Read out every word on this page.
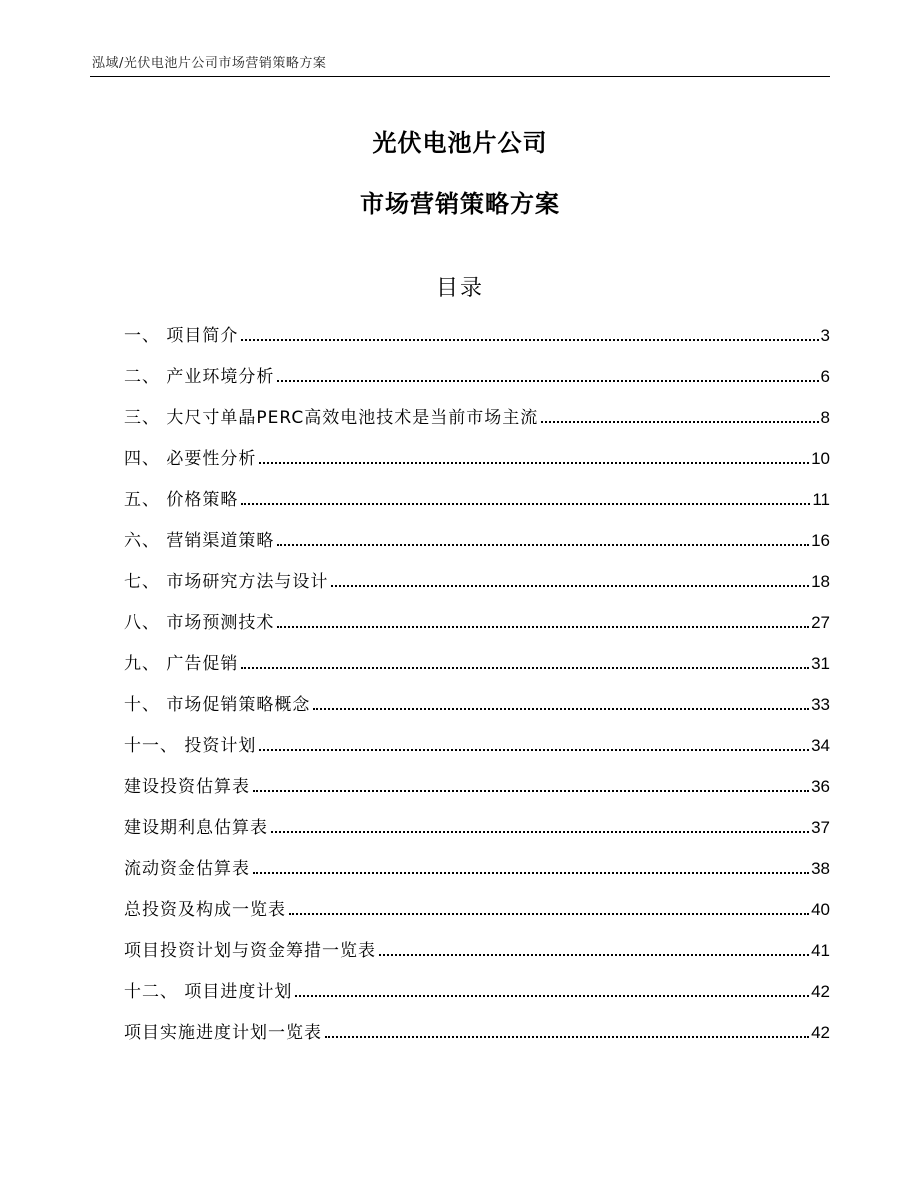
泓域/光伏电池片公司市场营销策略方案
光伏电池片公司
市场营销策略方案
目录
一、 项目简介	3
二、 产业环境分析	6
三、 大尺寸单晶PERC高效电池技术是当前市场主流	8
四、 必要性分析	10
五、 价格策略	11
六、 营销渠道策略	16
七、 市场研究方法与设计	18
八、 市场预测技术	27
九、 广告促销	31
十、 市场促销策略概念	33
十一、 投资计划	34
建设投资估算表	36
建设期利息估算表	37
流动资金估算表	38
总投资及构成一览表	40
项目投资计划与资金筹措一览表	41
十二、 项目进度计划	42
项目实施进度计划一览表	42
